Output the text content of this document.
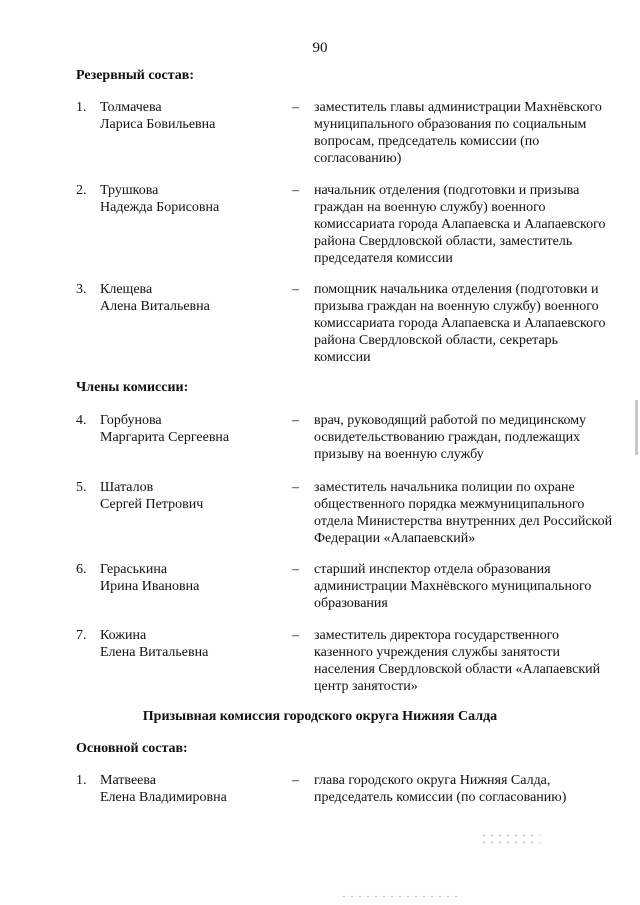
90
Резервный состав:
1. Толмачева
Лариса Бовильевна
– заместитель главы администрации Махнёвского муниципального образования по социальным вопросам, председатель комиссии (по согласованию)
2. Трушкова
Надежда Борисовна
– начальник отделения (подготовки и призыва граждан на военную службу) военного комиссариата города Алапаевска и Алапаевского района Свердловской области, заместитель председателя комиссии
3. Клещева
Алена Витальевна
– помощник начальника отделения (подготовки и призыва граждан на военную службу) военного комиссариата города Алапаевска и Алапаевского района Свердловской области, секретарь комиссии
Члены комиссии:
4. Горбунова
Маргарита Сергеевна
– врач, руководящий работой по медицинскому освидетельствованию граждан, подлежащих призыву на военную службу
5. Шаталов
Сергей Петрович
– заместитель начальника полиции по охране общественного порядка межмуниципального отдела Министерства внутренних дел Российской Федерации «Алапаевский»
6. Гераськина
Ирина Ивановна
– старший инспектор отдела образования администрации Махнёвского муниципального образования
7. Кожина
Елена Витальевна
– заместитель директора государственного казенного учреждения службы занятости населения Свердловской области «Алапаевский центр занятости»
Призывная комиссия городского округа Нижняя Салда
Основной состав:
1. Матвеева
Елена Владимировна
– глава городского округа Нижняя Салда, председатель комиссии (по согласованию)
